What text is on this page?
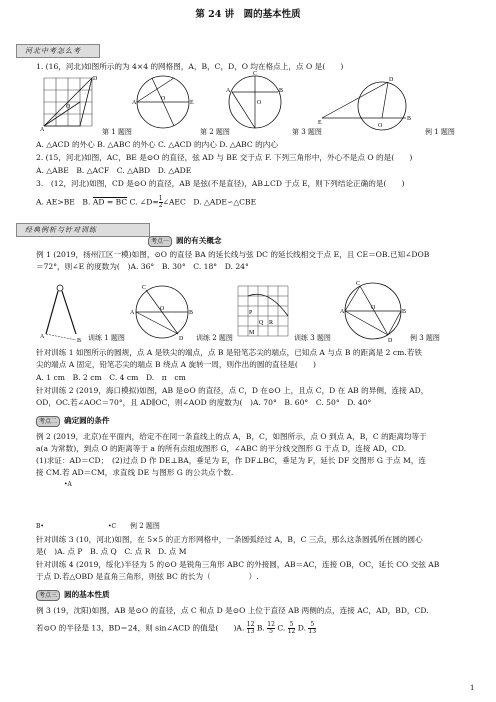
第 24 讲　圆的基本性质
河北中考怎么考
O
D
A
O
A	E	O
A	B
C
O
B
E
D
第 1 题图	第 2 题图	第 3 题图	例 1 题图
1. (16，河北)如图所示的为 4×4 的网格图，A，B，C，D，O 均在格点上，点 O 是(　　)
A. △ACD 的外心 B. △ABC 的外心 C. △ACD 的内心 D. △ABC 的内心
2. (15，河北)如图，AC，BE 是⊙O 的直径，弦 AD 与 BE 交于点 F. 下列三角形中，外心不是点 O 的是(　　)
A. △ABE　B. △ACF　C. △ABD　D. △ADE
3.　(12，河北)如图，CD 是⊙O 的直径，AB 是弦(不是直径)，AB⊥CD 于点 E，则下列结论正确的是(　　)
A. AE>BE　B. AD = BC C. ∠D= $\frac{1}{2}$ ∠AEC　D. △ADE∽△CBE
经典例析与针对训练
考点一 圆的有关概念
例 1 (2019，扬州江区一模)如图，⊙O 的直径 BA 的延长线与弦 DC 的延长线相交于点 E，且 CE＝OB.已知∠DOB
＝72°，则∠E 的度数为(　)A. 36°　B. 30°　C. 18°　D. 24°
A
B
O
A	B
C
D
P
Q R
M
O
A	B
C
D
训练 1 题图	训练 2 题图	训练 3 题图	例 3 题图
针对训练 1 如图所示的圆规，点 A 是铁尖的端点，点 B 是铅笔芯尖的端点，已知点 A 与点 B 的距离是 2 cm.若铁
尖的端点 A 固定，铅笔芯尖的端点 B 绕点 A 旋转一周，则作出的圆的直径是(　　)
A. 1 cm　B. 2 cm　C. 4 cm　D.　π　cm
针对训练 2 (2019，海口模拟)如图，AB 是⊙O 的直径，点 C，D 在⊙O 上，且点 C，D 在 AB 的异侧，连接 AD，
OD，OC.若∠AOC＝70°，且 AD∥OC，则∠AOD 的度数为(　)A. 70°　B. 60°　C. 50°　D. 40°
考点二 确定圆的条件
例 2 (2019，北京)在平面内，给定不在同一条直线上的点 A，B，C，如图所示，点 O 到点 A，B，C 的距离均等于
a(a 为常数)，到点 O 的距离等于 a 的所有点组成图形 G，∠ABC 的平分线交图形 G 于点 D，连接 AD，CD.
(1)求证：AD＝CD；　(2)过点 D 作 DE⊥BA，垂足为 E，作 DF⊥BC，垂足为 F，延长 DF 交图形 G 于点 M，连
接 CM.若 AD＝CM，求直线 DE 与图形 G 的公共点个数.
•A
B•	•C 例 2 题图
针对训练 3 (10，河北)如图，在 5×5 的正方形网格中，一条圆弧经过 A，B，C 三点，那么这条圆弧所在圆的圆心
是(　)A. 点 P　B. 点 Q　C. 点 R　D. 点 M
针对训练 4 (2019，绥化)半径为 5 的⊙O 是锐角三角形 ABC 的外接圆，AB＝AC，连接 OB，OC，延长 CO 交弦 AB
于点 D.若△OBD 是直角三角形，则弦 BC 的长为（　　　　　）.
考点三 圆的基本性质
例 3 (19，沈阳)如图，AB 是⊙O 的直径，点 C 和点 D 是⊙O 上位于直径 AB 两侧的点，连接 AC，AD，BD，CD.
若⊙O 的半径是 13，BD＝24，则 sin∠ACD 的值是(　　)A. $\frac{12}{13} B$. $\frac{12}{5} C$. $\frac{5}{12} D$. $\frac{5}{13}$
1
